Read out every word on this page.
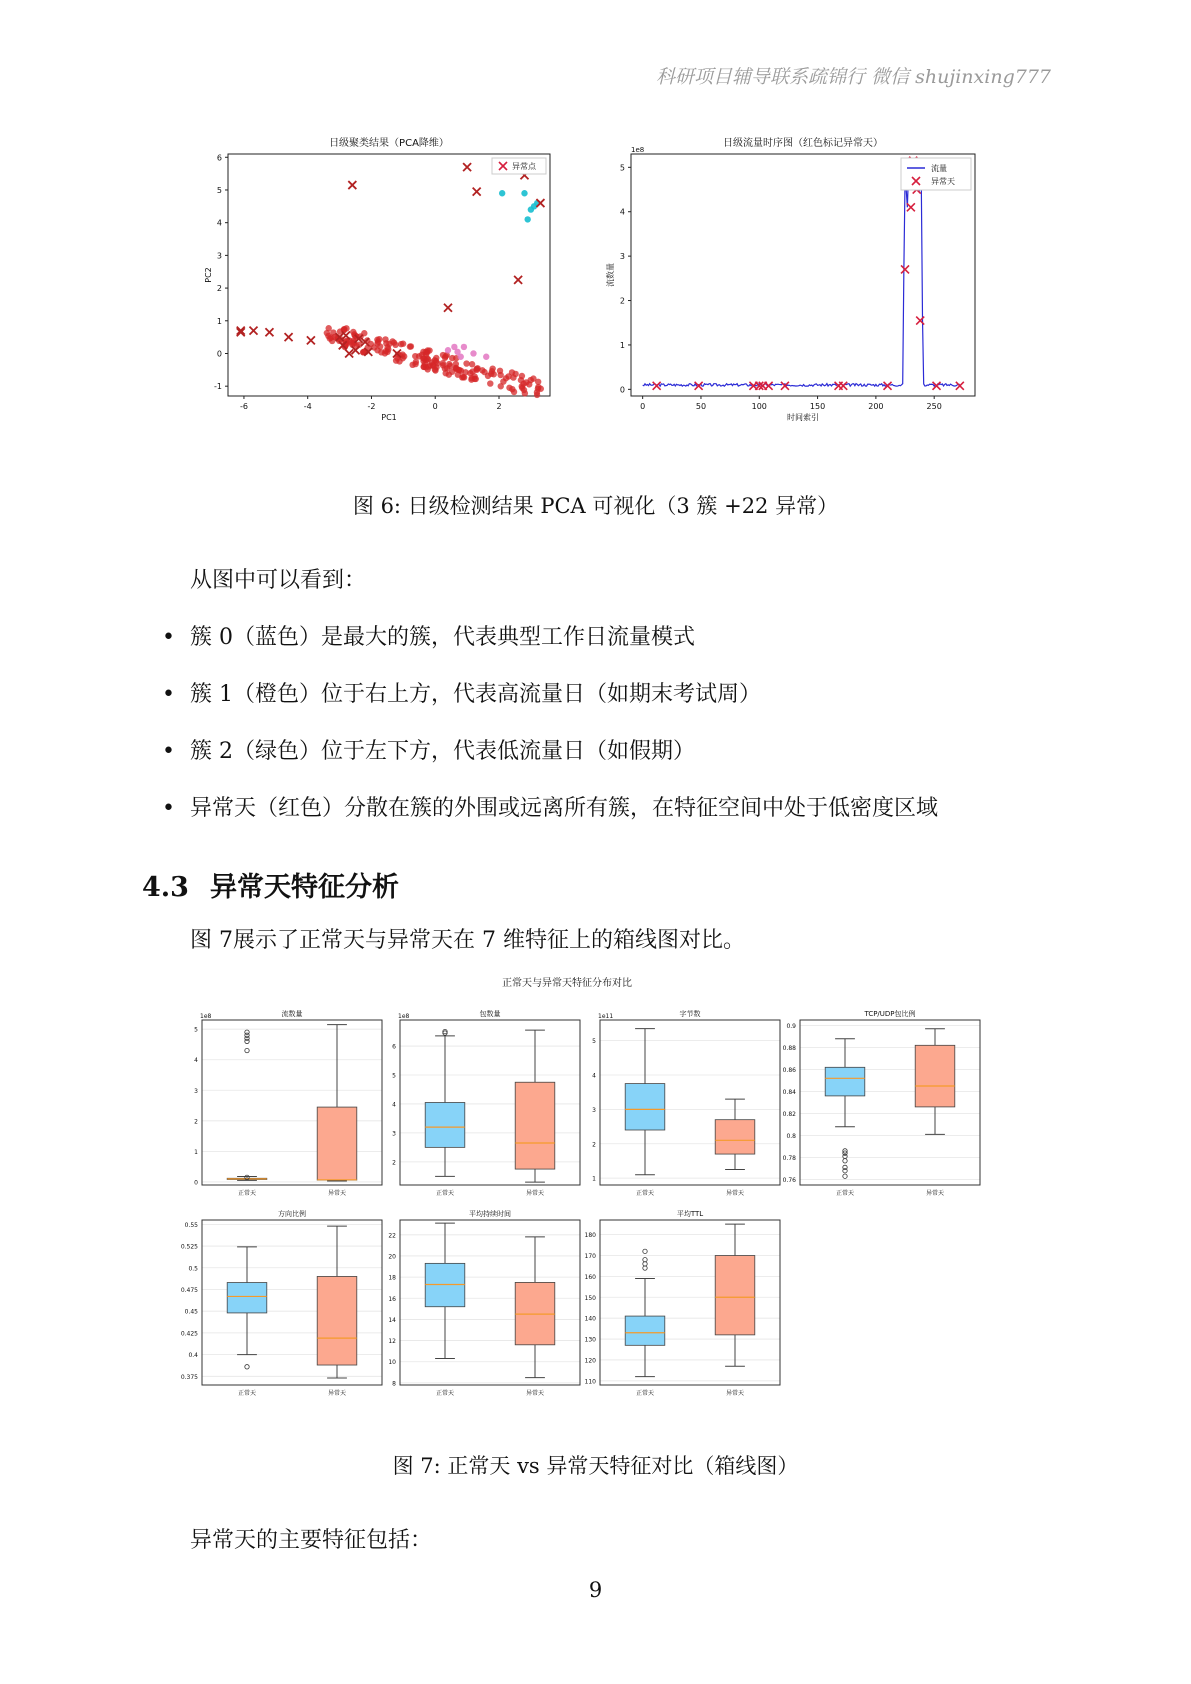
科研项目辅导联系疏锦行 微信 shujinxing777
日级聚类结果（PCA降维）
-6	-4	-2	0	2
-1
0
1
2
3
4
5
6
PC1
PC2
异常点
日级流量时序图（红色标记异常天）
1e8
0	50	100	150	200	250
0
1
2
3
4
5
时间索引
流数量
流量
异常天
图 6: 日级检测结果 PCA 可视化（3 簇 +22 异常）
从图中可以看到：
• 簇 0（蓝色）是最大的簇，代表典型工作日流量模式
• 簇 1（橙色）位于右上方，代表高流量日（如期末考试周）
• 簇 2（绿色）位于左下方，代表低流量日（如假期）
• 异常天（红色）分散在簇的外围或远离所有簇，在特征空间中处于低密度区域
4.3 异常天特征分析
图 7展示了正常天与异常天在 7 维特征上的箱线图对比。
正常天与异常天特征分布对比
流数量
1e8
0
1
2
3
4
5
正常天	异常天
包数量
1e8
2
3
4
5
6
正常天	异常天
字节数
1e11
1
2
3
4
5
正常天	异常天
TCP/UDP包比例
0.76
0.78
0.8
0.82
0.84
0.86
0.88
0.9
正常天	异常天
方向比例
0.375
0.4
0.425
0.45
0.475
0.5
0.525
0.55
正常天	异常天
平均持续时间
8
10
12
14
16
18
20
22
正常天	异常天
平均TTL
110
120
130
140
150
160
170
180
正常天	异常天
图 7: 正常天 vs 异常天特征对比（箱线图）
异常天的主要特征包括：
9
